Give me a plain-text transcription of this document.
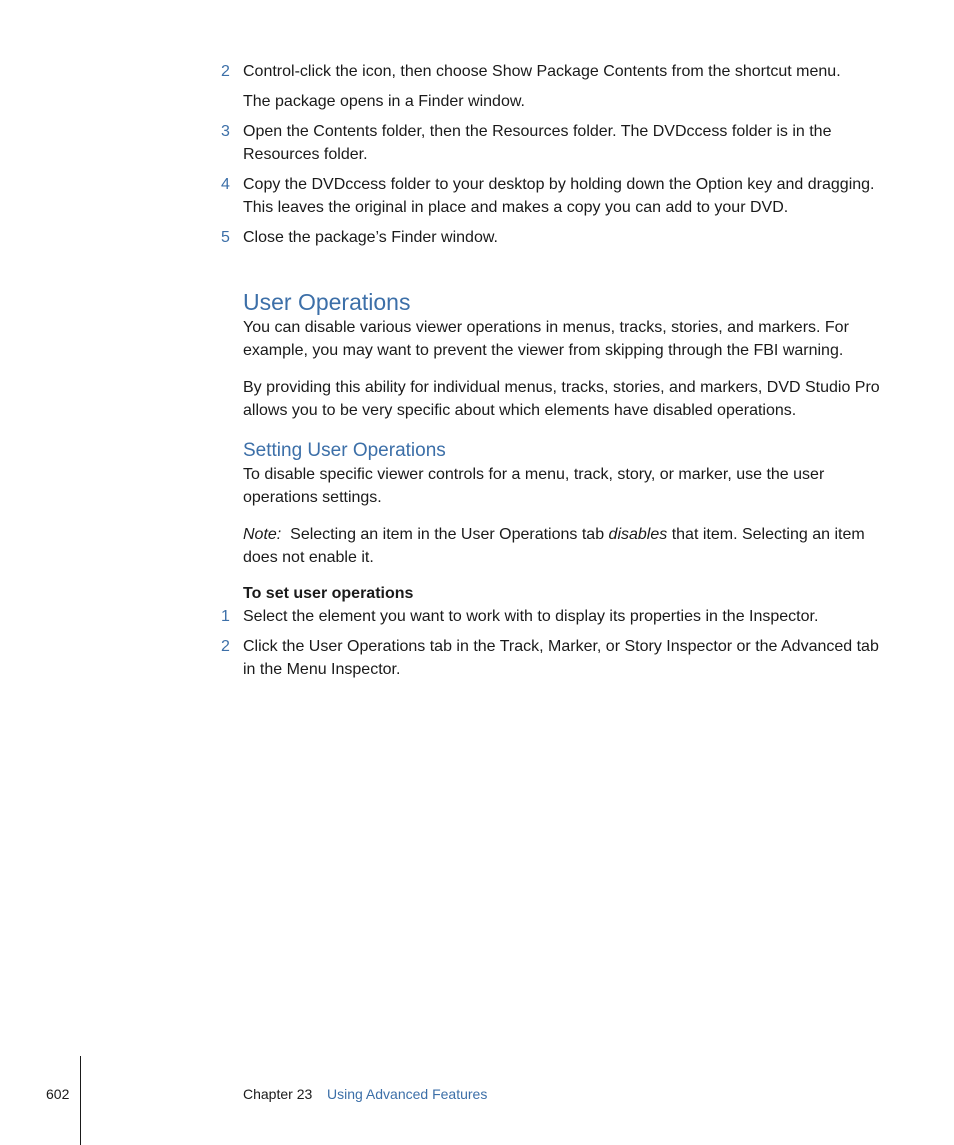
2 Control-click the icon, then choose Show Package Contents from the shortcut menu.

The package opens in a Finder window.

3 Open the Contents folder, then the Resources folder. The DVDccess folder is in the Resources folder.

4 Copy the DVDccess folder to your desktop by holding down the Option key and dragging. This leaves the original in place and makes a copy you can add to your DVD.

5 Close the package’s Finder window.

User Operations

You can disable various viewer operations in menus, tracks, stories, and markers. For example, you may want to prevent the viewer from skipping through the FBI warning.

By providing this ability for individual menus, tracks, stories, and markers, DVD Studio Pro allows you to be very specific about which elements have disabled operations.

Setting User Operations

To disable specific viewer controls for a menu, track, story, or marker, use the user operations settings.

Note: Selecting an item in the User Operations tab disables that item. Selecting an item does not enable it.

To set user operations

1 Select the element you want to work with to display its properties in the Inspector.

2 Click the User Operations tab in the Track, Marker, or Story Inspector or the Advanced tab in the Menu Inspector.

602	Chapter 23 Using Advanced Features
